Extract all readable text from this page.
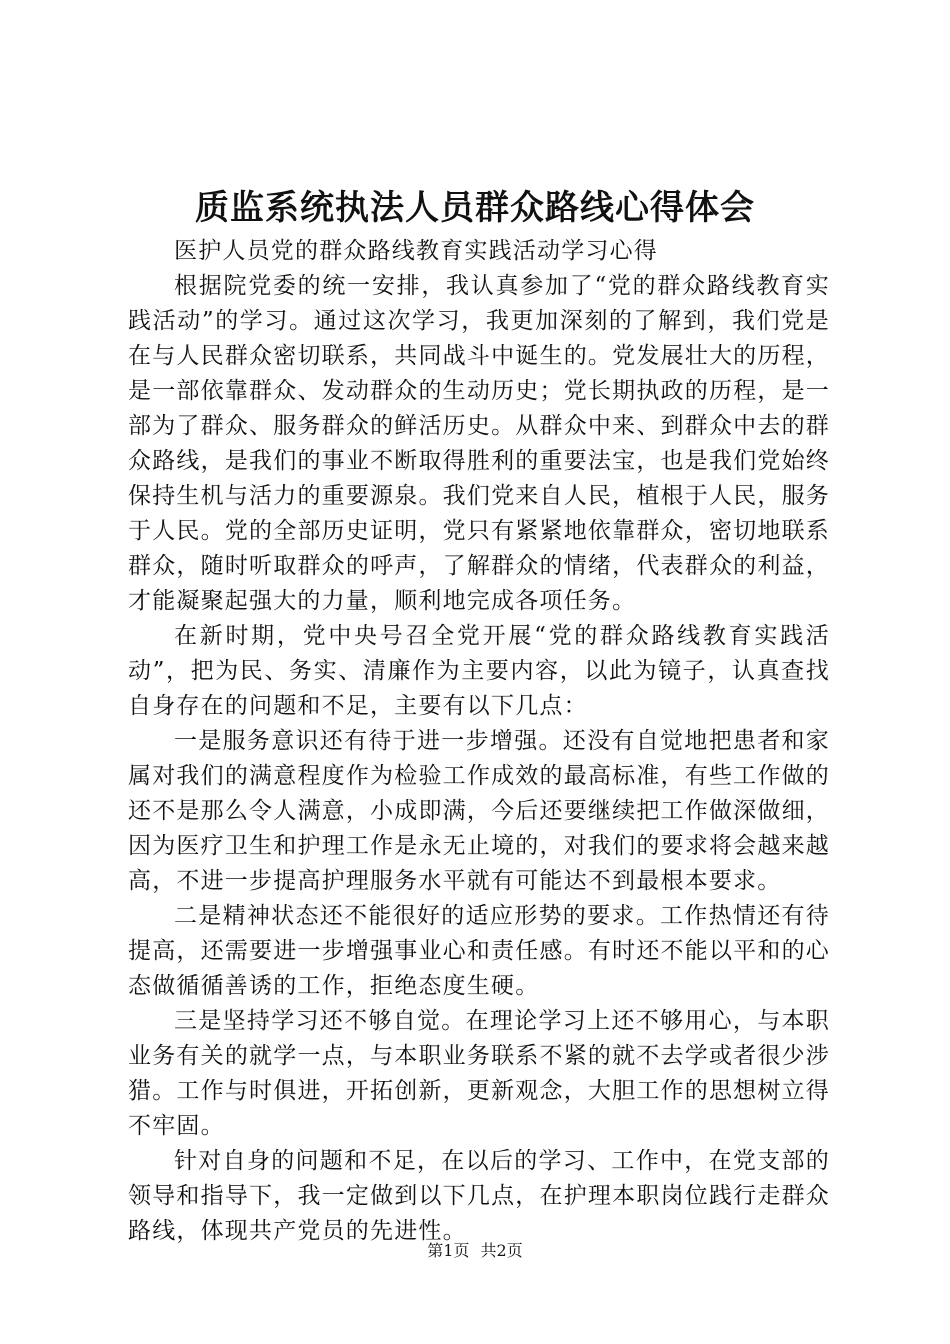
质监系统执法人员群众路线心得体会

医护人员党的群众路线教育实践活动学习心得

根据院党委的统一安排，我认真参加了“党的群众路线教育实践活动”的学习。通过这次学习，我更加深刻的了解到，我们党是在与人民群众密切联系，共同战斗中诞生的。党发展壮大的历程，是一部依靠群众、发动群众的生动历史；党长期执政的历程，是一部为了群众、服务群众的鲜活历史。从群众中来、到群众中去的群众路线，是我们的事业不断取得胜利的重要法宝，也是我们党始终保持生机与活力的重要源泉。我们党来自人民，植根于人民，服务于人民。党的全部历史证明，党只有紧紧地依靠群众，密切地联系群众，随时听取群众的呼声，了解群众的情绪，代表群众的利益，才能凝聚起强大的力量，顺利地完成各项任务。

在新时期，党中央号召全党开展“党的群众路线教育实践活动”，把为民、务实、清廉作为主要内容，以此为镜子，认真查找自身存在的问题和不足，主要有以下几点：

一是服务意识还有待于进一步增强。还没有自觉地把患者和家属对我们的满意程度作为检验工作成效的最高标准，有些工作做的还不是那么令人满意，小成即满，今后还要继续把工作做深做细，因为医疗卫生和护理工作是永无止境的，对我们的要求将会越来越高，不进一步提高护理服务水平就有可能达不到最根本要求。

二是精神状态还不能很好的适应形势的要求。工作热情还有待提高，还需要进一步增强事业心和责任感。有时还不能以平和的心态做循循善诱的工作，拒绝态度生硬。

三是坚持学习还不够自觉。在理论学习上还不够用心，与本职业务有关的就学一点，与本职业务联系不紧的就不去学或者很少涉猎。工作与时俱进，开拓创新，更新观念，大胆工作的思想树立得不牢固。

针对自身的问题和不足，在以后的学习、工作中，在党支部的领导和指导下，我一定做到以下几点，在护理本职岗位践行走群众路线，体现共产党员的先进性。

第1页 共2页
